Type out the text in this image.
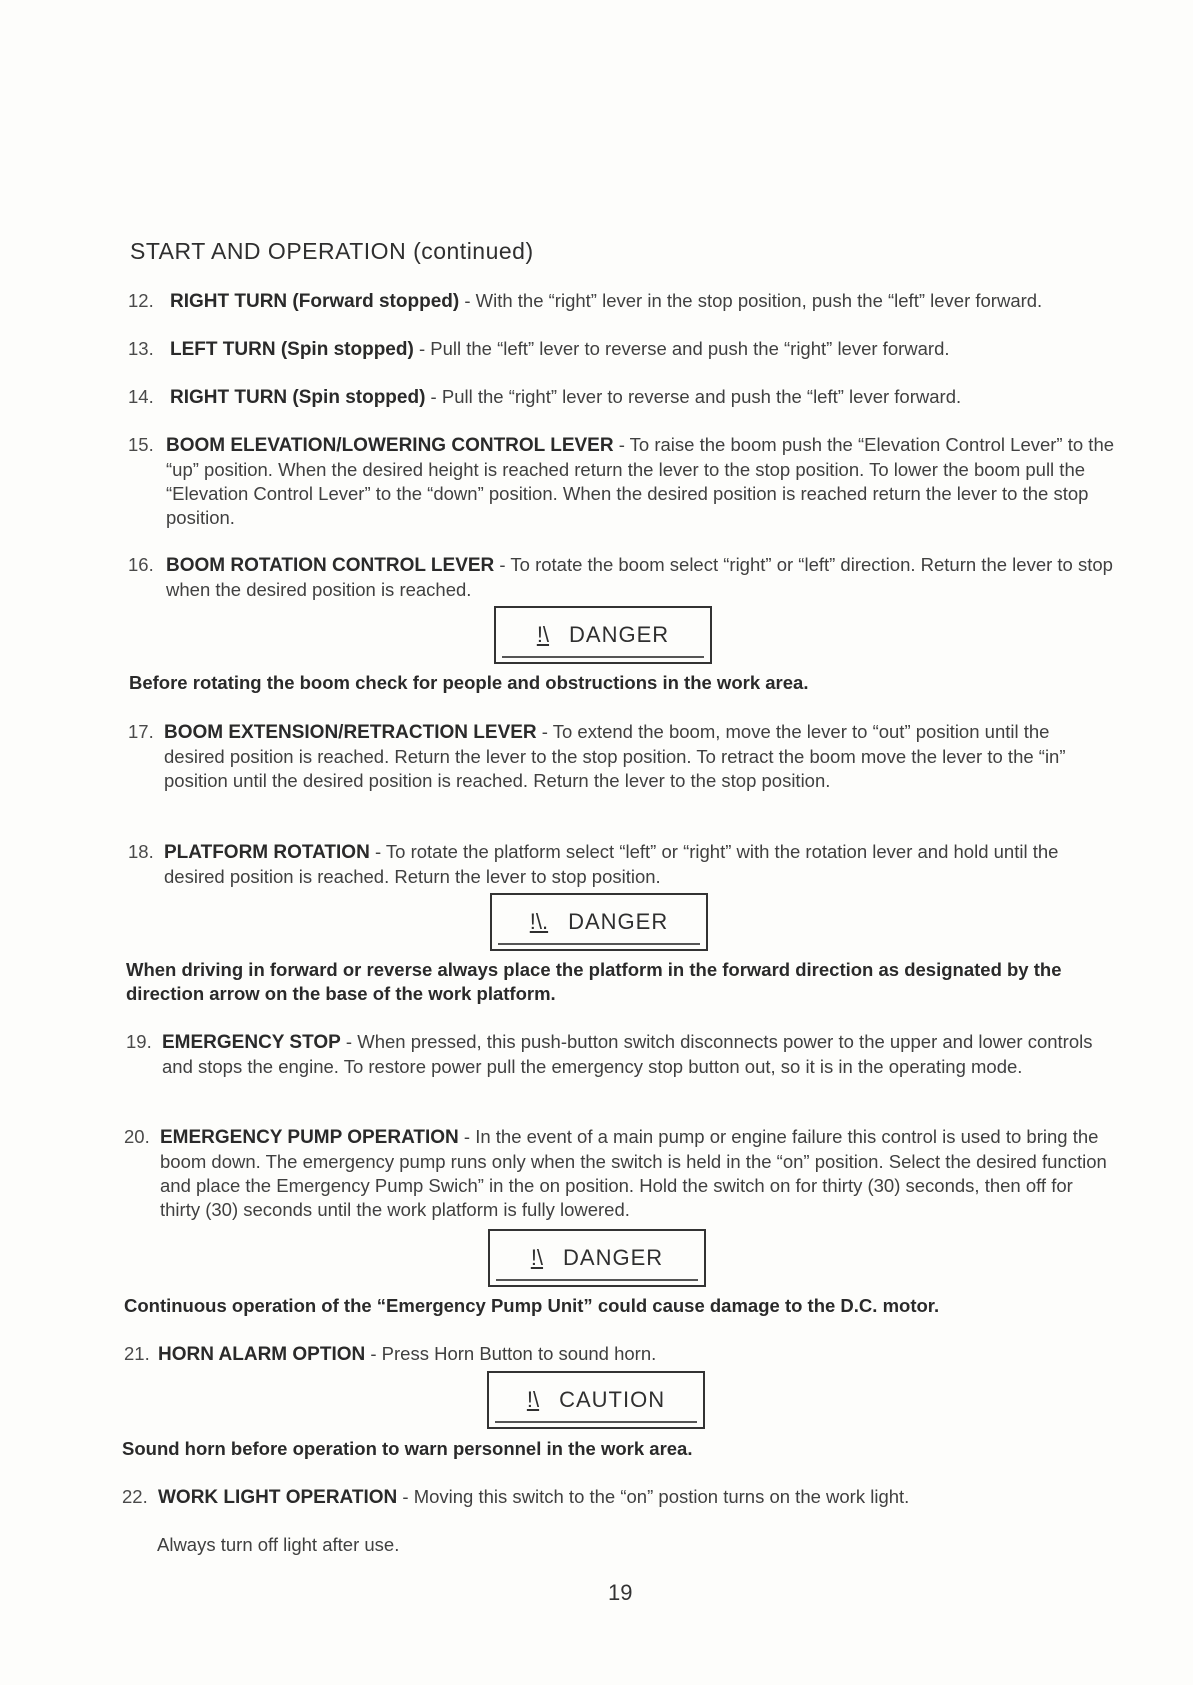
START AND OPERATION (continued)
12. RIGHT TURN (Forward stopped) - With the “right” lever in the stop position, push the “left” lever forward.
13. LEFT TURN (Spin stopped) - Pull the “left” lever to reverse and push the “right” lever forward.
14. RIGHT TURN (Spin stopped) - Pull the “right” lever to reverse and push the “left” lever forward.
15. BOOM ELEVATION/LOWERING CONTROL LEVER - To raise the boom push the “Elevation Control Lever” to the “up” position. When the desired height is reached return the lever to the stop position. To lower the boom pull the “Elevation Control Lever” to the “down” position. When the desired position is reached return the lever to the stop position.
16. BOOM ROTATION CONTROL LEVER - To rotate the boom select “right” or “left” direction. Return the lever to stop when the desired position is reached.
!\ DANGER
Before rotating the boom check for people and obstructions in the work area.
17. BOOM EXTENSION/RETRACTION LEVER - To extend the boom, move the lever to “out” position until the desired position is reached. Return the lever to the stop position. To retract the boom move the lever to the “in” position until the desired position is reached. Return the lever to the stop position.
18. PLATFORM ROTATION - To rotate the platform select “left” or “right” with the rotation lever and hold until the desired position is reached. Return the lever to stop position.
!\. DANGER
When driving in forward or reverse always place the platform in the forward direction as designated by the direction arrow on the base of the work platform.
19. EMERGENCY STOP - When pressed, this push-button switch disconnects power to the upper and lower controls and stops the engine. To restore power pull the emergency stop button out, so it is in the operating mode.
20. EMERGENCY PUMP OPERATION - In the event of a main pump or engine failure this control is used to bring the boom down. The emergency pump runs only when the switch is held in the “on” position. Select the desired function and place the Emergency Pump Swich” in the on position. Hold the switch on for thirty (30) seconds, then off for thirty (30) seconds until the work platform is fully lowered.
!\ DANGER
Continuous operation of the “Emergency Pump Unit” could cause damage to the D.C. motor.
21. HORN ALARM OPTION - Press Horn Button to sound horn.
!\ CAUTION
Sound horn before operation to warn personnel in the work area.
22. WORK LIGHT OPERATION - Moving this switch to the “on” postion turns on the work light.
Always turn off light after use.
19
